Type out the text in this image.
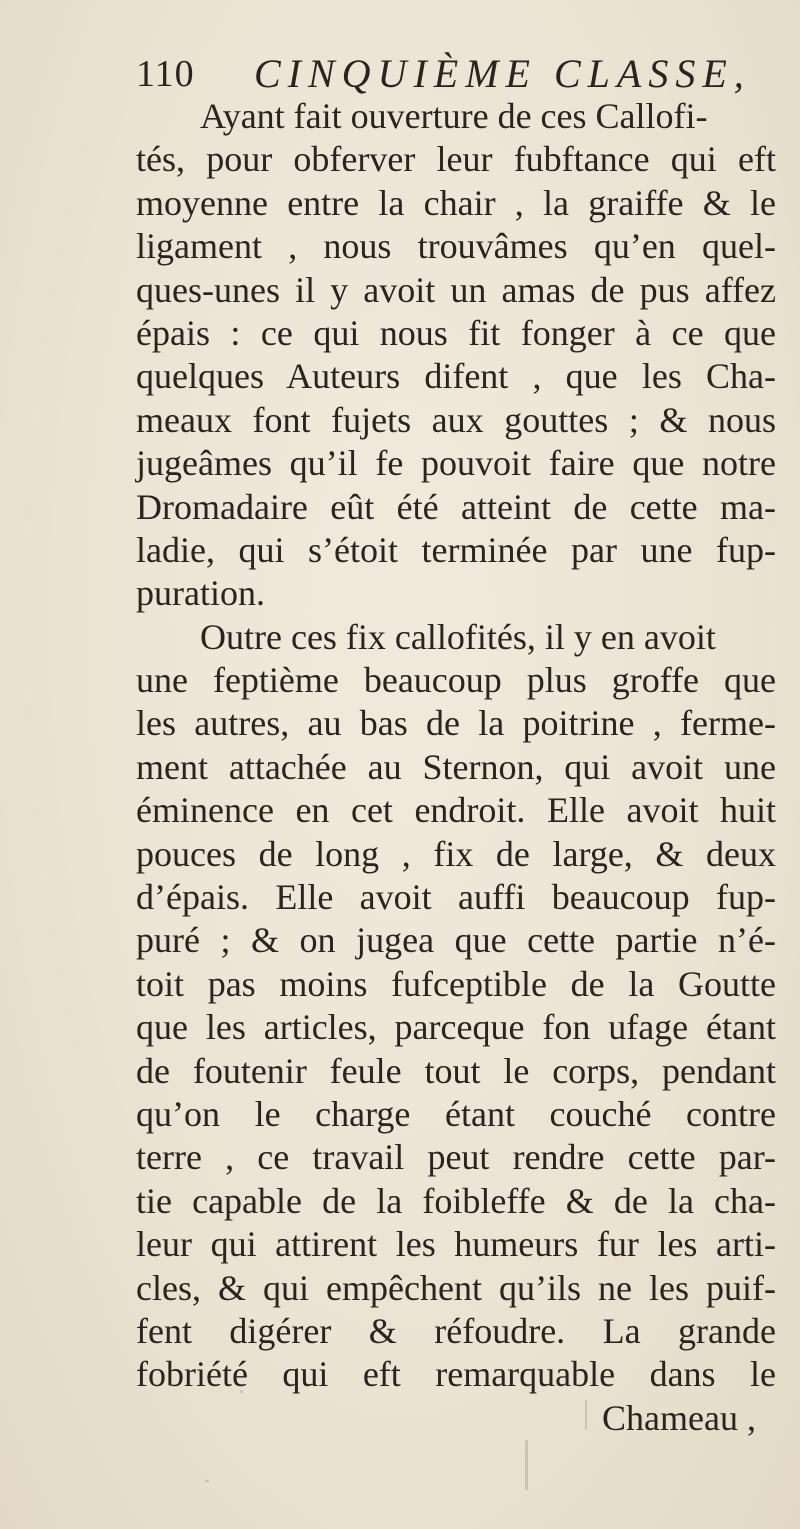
110 CINQUIÈME CLASSE,
Ayant fait ouverture de ces Callofi-
tés, pour obferver leur fubftance qui eft
moyenne entre la chair , la graiffe & le
ligament , nous trouvâmes qu’en quel-
ques-unes il y avoit un amas de pus affez
épais : ce qui nous fit fonger à ce que
quelques Auteurs difent , que les Cha-
meaux font fujets aux gouttes ; & nous
jugeâmes qu’il fe pouvoit faire que notre
Dromadaire eût été atteint de cette ma-
ladie, qui s’étoit terminée par une fup-
puration.
Outre ces fix callofités, il y en avoit
une feptième beaucoup plus groffe que
les autres, au bas de la poitrine , ferme-
ment attachée au Sternon, qui avoit une
éminence en cet endroit. Elle avoit huit
pouces de long , fix de large, & deux
d’épais. Elle avoit auffi beaucoup fup-
puré ; & on jugea que cette partie n’é-
toit pas moins fufceptible de la Goutte
que les articles, parceque fon ufage étant
de foutenir feule tout le corps, pendant
qu’on le charge étant couché contre
terre , ce travail peut rendre cette par-
tie capable de la foibleffe & de la cha-
leur qui attirent les humeurs fur les arti-
cles, & qui empêchent qu’ils ne les puif-
fent digérer & réfoudre. La grande
fobriété qui eft remarquable dans le
Chameau ,
